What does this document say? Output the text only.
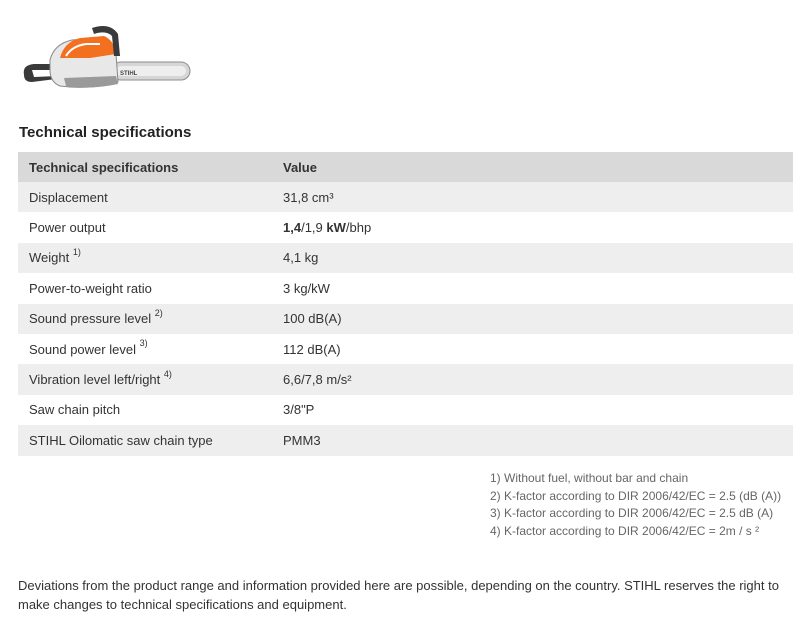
STIHL
Technical specifications
Technical specifications	Value
Displacement	31,8 cm³
Power output	1,4/1,9 kW/bhp
Weight $^{1)}$	4,1 kg
Power-to-weight ratio	3 kg/kW
Sound pressure level $^{2)}$	100 dB(A)
Sound power level $^{3)}$	112 dB(A)
Vibration level left/right $^{4)}$	6,6/7,8 m/s²
Saw chain pitch	3/8"P
STIHL Oilomatic saw chain type	PMM3
1) Without fuel, without bar and chain
2) K-factor according to DIR 2006/42/EC = 2.5 (dB (A))
3) K-factor according to DIR 2006/42/EC = 2.5 dB (A)
4) K-factor according to DIR 2006/42/EC = 2m / s ²
Deviations from the product range and information provided here are possible, depending on the country. STIHL reserves the right to make changes to technical specifications and equipment.
